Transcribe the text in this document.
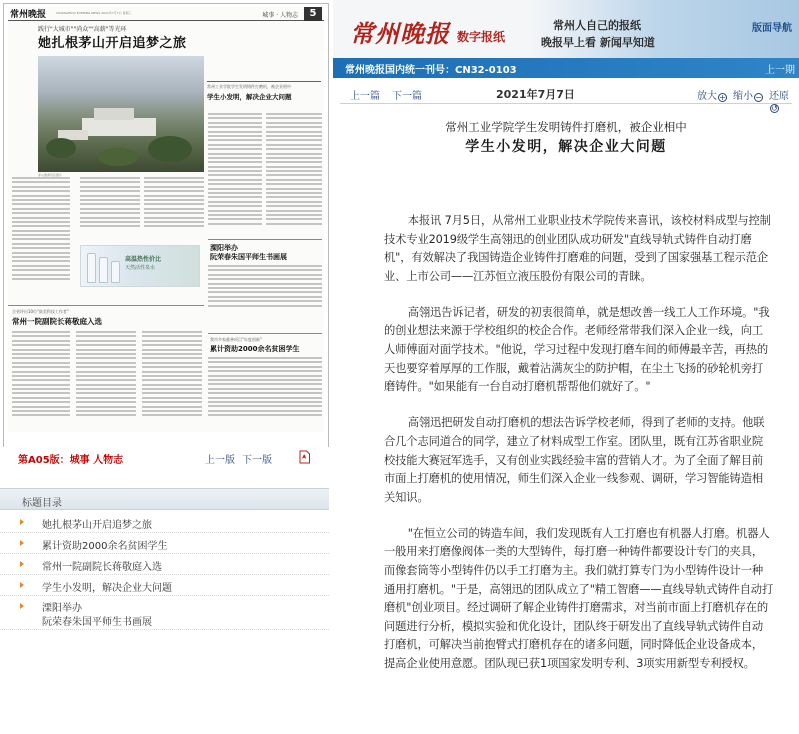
常州晚报	CHANGZHOU EVENING NEWS 2021年7月7日 星期三	城事 · 人物志	5
践行"大城市""尚众""高薪"等光环
她扎根茅山开启追梦之旅
茅山旅游景区图片
常州工业学院学生发明铸件打磨机，被企业相中
学生小发明，解决企业大问题
高温热性价比
天然活性泉水
溧阳举办
阮荣春朱国平师生书画展
全省评出10位"最美科技工作者"
常州一院副院长蒋敬庭入选
我市多家慈善项目"年度创新"
累计资助2000余名贫困学生
第A05版：城事 人物志	上一版 下一版
标题目录
她扎根茅山开启追梦之旅
累计资助2000余名贫困学生
常州一院副院长蒋敬庭入选
学生小发明，解决企业大问题
溧阳举办
阮荣春朱国平师生书画展
常州晚报 数字报纸
常州人自己的报纸
晚报早上看 新闻早知道
版面导航
常州晚报国内统一刊号：CN32-0103	上一期
上一篇 下一篇	2021年7月7日	放大 + 缩小 − 还原↺
常州工业学院学生发明铸件打磨机，被企业相中
学生小发明，解决企业大问题

本报讯 7月5日，从常州工业职业技术学院传来喜讯，该校材料成型与控制技术专业2019级学生高翎迅的创业团队成功研发"直线导轨式铸件自动打磨机"，有效解决了我国铸造企业铸件打磨难的问题，受到了国家强基工程示范企业、上市公司——江苏恒立液压股份有限公司的青睐。

高翎迅告诉记者，研发的初衷很简单，就是想改善一线工人工作环境。"我的创业想法来源于学校组织的校企合作。老师经常带我们深入企业一线，向工人师傅面对面学技术。"他说，学习过程中发现打磨车间的师傅最辛苦，再热的天也要穿着厚厚的工作服，戴着沾满灰尘的防护帽，在尘土飞扬的砂轮机旁打磨铸件。"如果能有一台自动打磨机帮帮他们就好了。"

高翎迅把研发自动打磨机的想法告诉学校老师，得到了老师的支持。他联合几个志同道合的同学，建立了材料成型工作室。团队里，既有江苏省职业院校技能大赛冠军选手，又有创业实践经验丰富的营销人才。为了全面了解目前市面上打磨机的使用情况，师生们深入企业一线参观、调研，学习智能铸造相关知识。

"在恒立公司的铸造车间，我们发现既有人工打磨也有机器人打磨。机器人一般用来打磨像阀体一类的大型铸件，每打磨一种铸件都要设计专门的夹具，而像套筒等小型铸件仍以手工打磨为主。我们就打算专门为小型铸件设计一种通用打磨机。"于是，高翎迅的团队成立了"精工智磨——直线导轨式铸件自动打磨机"创业项目。经过调研了解企业铸件打磨需求，对当前市面上打磨机存在的问题进行分析，模拟实验和优化设计，团队终于研发出了直线导轨式铸件自动打磨机，可解决当前抱臂式打磨机存在的诸多问题，同时降低企业设备成本，提高企业使用意愿。团队现已获1项国家发明专利、3项实用新型专利授权。
